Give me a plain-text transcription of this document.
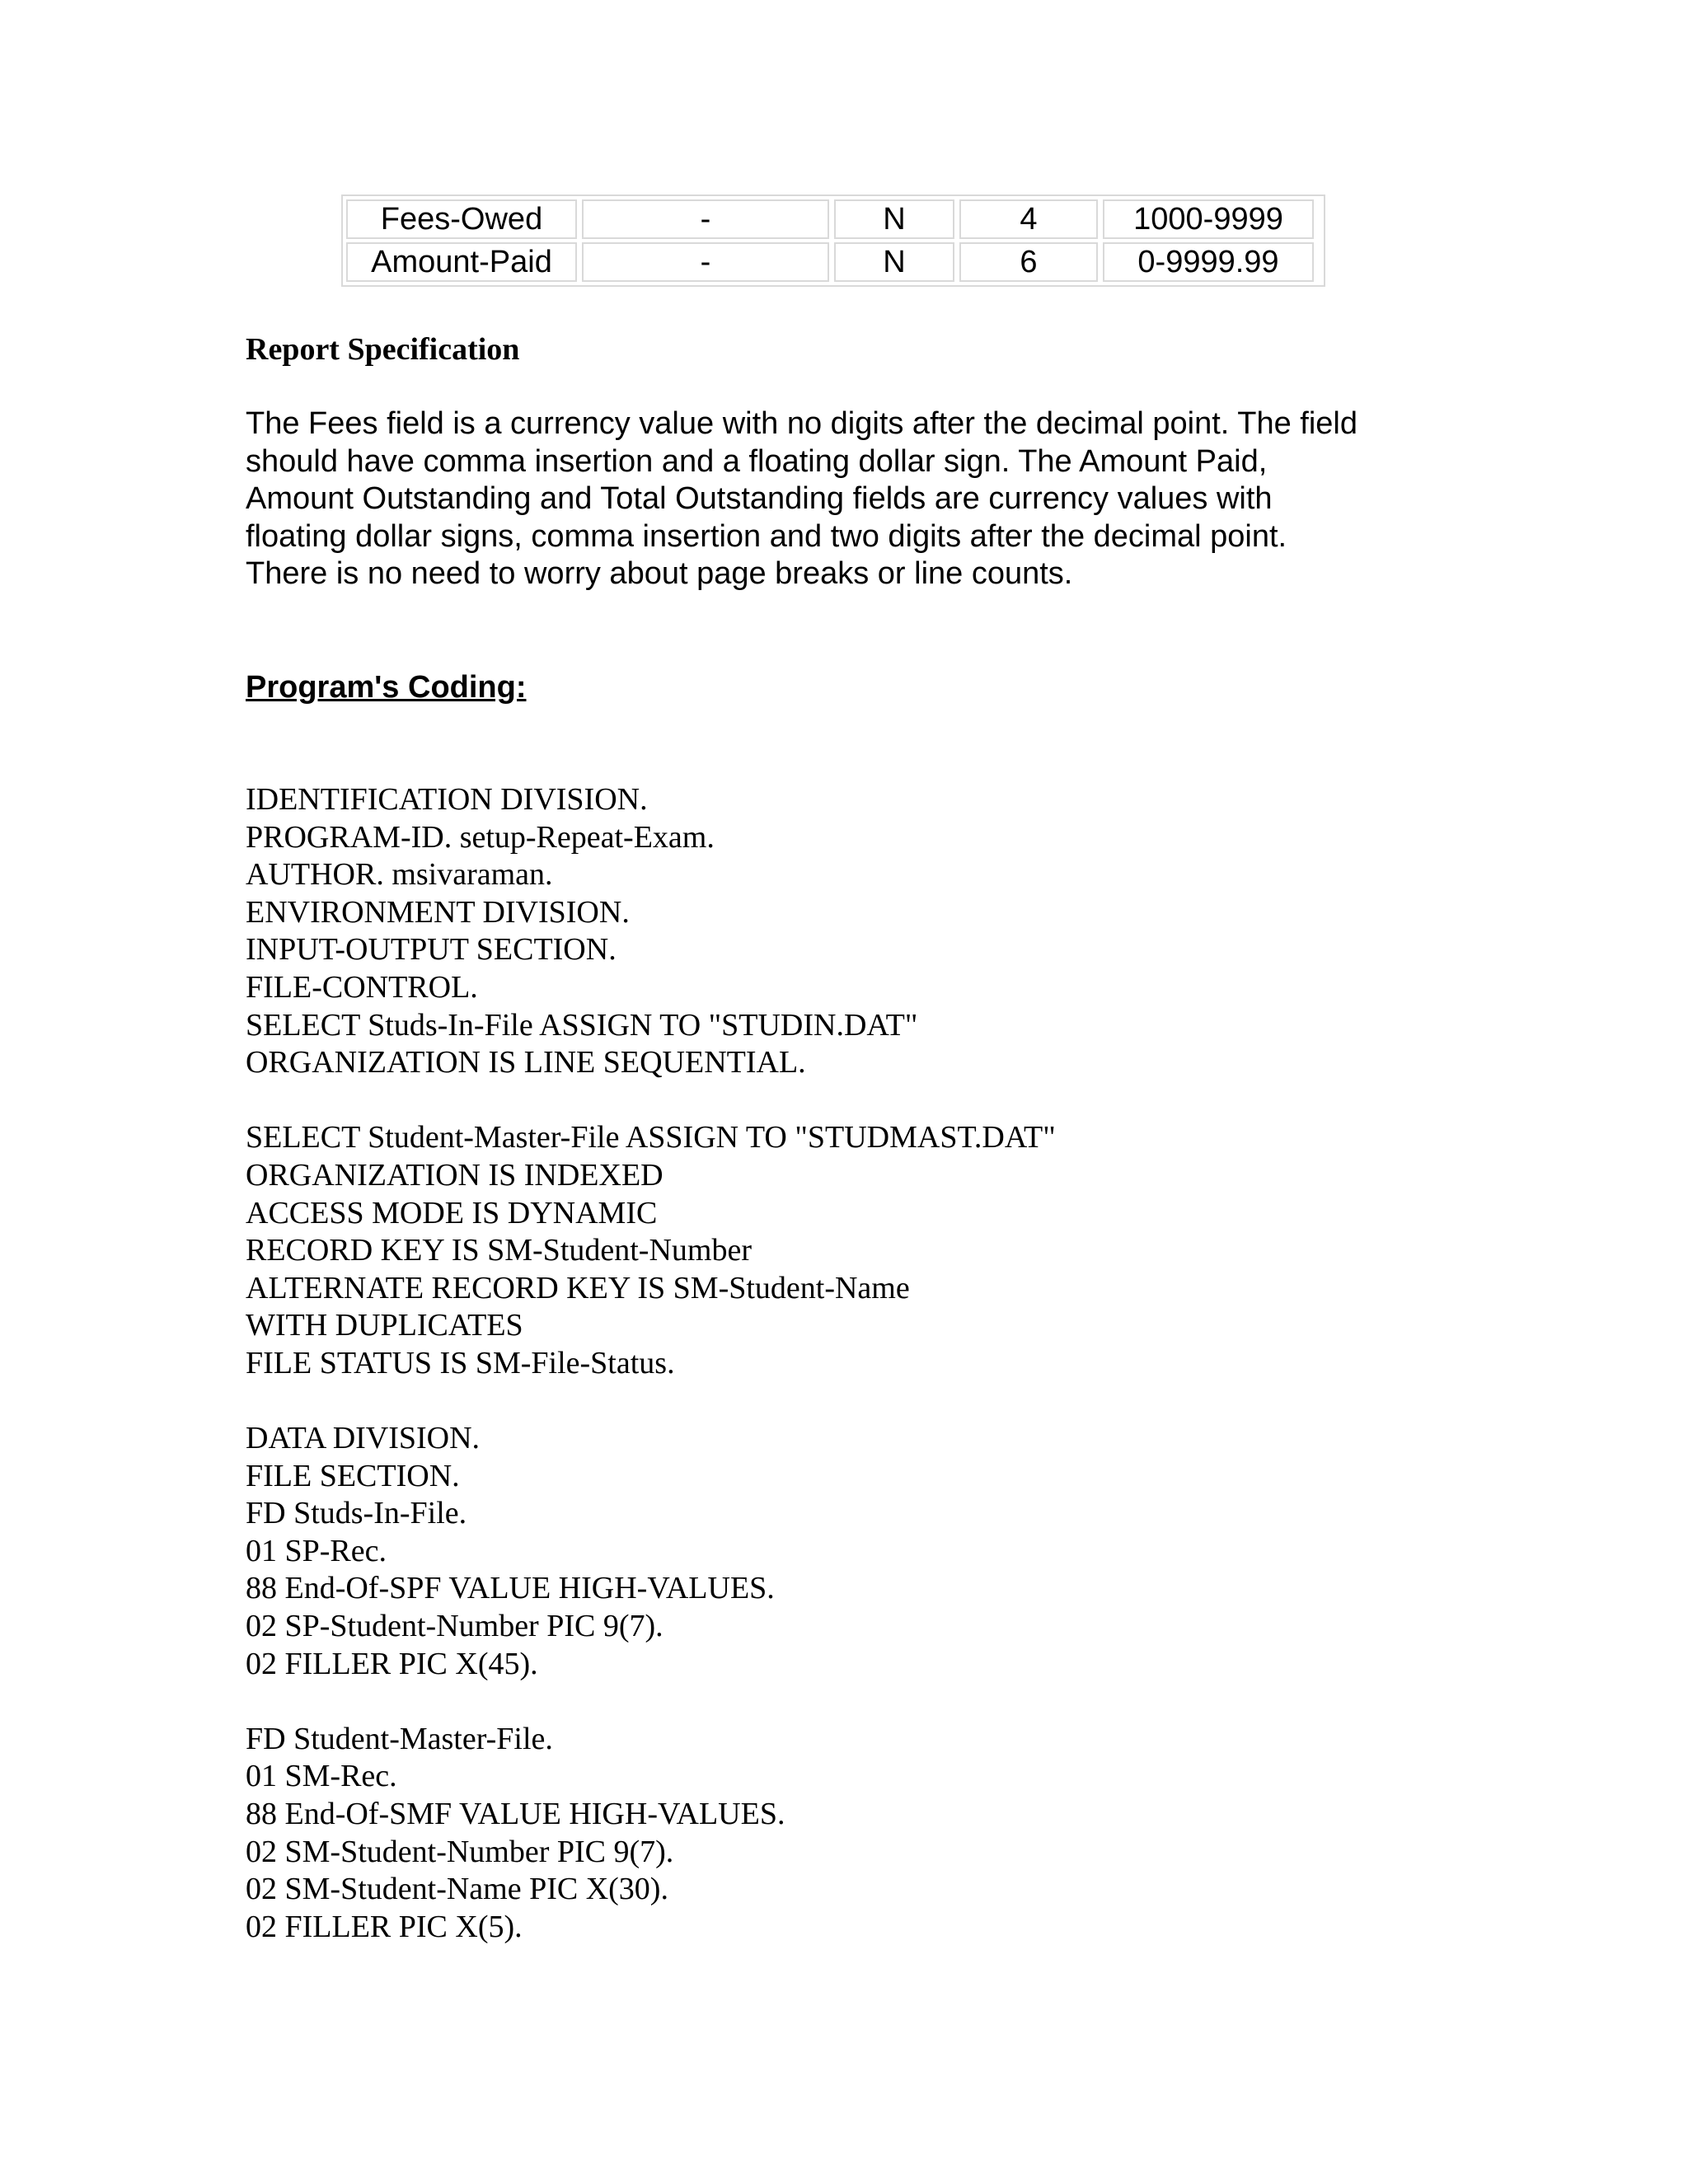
Fees-Owed	-	N	4	1000-9999
Amount-Paid	-	N	6	0-9999.99
Report Specification

The Fees field is a currency value with no digits after the decimal point. The field
should have comma insertion and a floating dollar sign. The Amount Paid,
Amount Outstanding and Total Outstanding fields are currency values with
floating dollar signs, comma insertion and two digits after the decimal point.
There is no need to worry about page breaks or line counts.

Program's Coding:
IDENTIFICATION DIVISION.
PROGRAM-ID. setup-Repeat-Exam.
AUTHOR. msivaraman.
ENVIRONMENT DIVISION.
INPUT-OUTPUT SECTION.
FILE-CONTROL.
SELECT Studs-In-File ASSIGN TO "STUDIN.DAT"
ORGANIZATION IS LINE SEQUENTIAL.
SELECT Student-Master-File ASSIGN TO "STUDMAST.DAT"
ORGANIZATION IS INDEXED
ACCESS MODE IS DYNAMIC
RECORD KEY IS SM-Student-Number
ALTERNATE RECORD KEY IS SM-Student-Name
WITH DUPLICATES
FILE STATUS IS SM-File-Status.
DATA DIVISION.
FILE SECTION.
FD Studs-In-File.
01 SP-Rec.
88 End-Of-SPF VALUE HIGH-VALUES.
02 SP-Student-Number PIC 9(7).
02 FILLER PIC X(45).
FD Student-Master-File.
01 SM-Rec.
88 End-Of-SMF VALUE HIGH-VALUES.
02 SM-Student-Number PIC 9(7).
02 SM-Student-Name PIC X(30).
02 FILLER PIC X(5).
